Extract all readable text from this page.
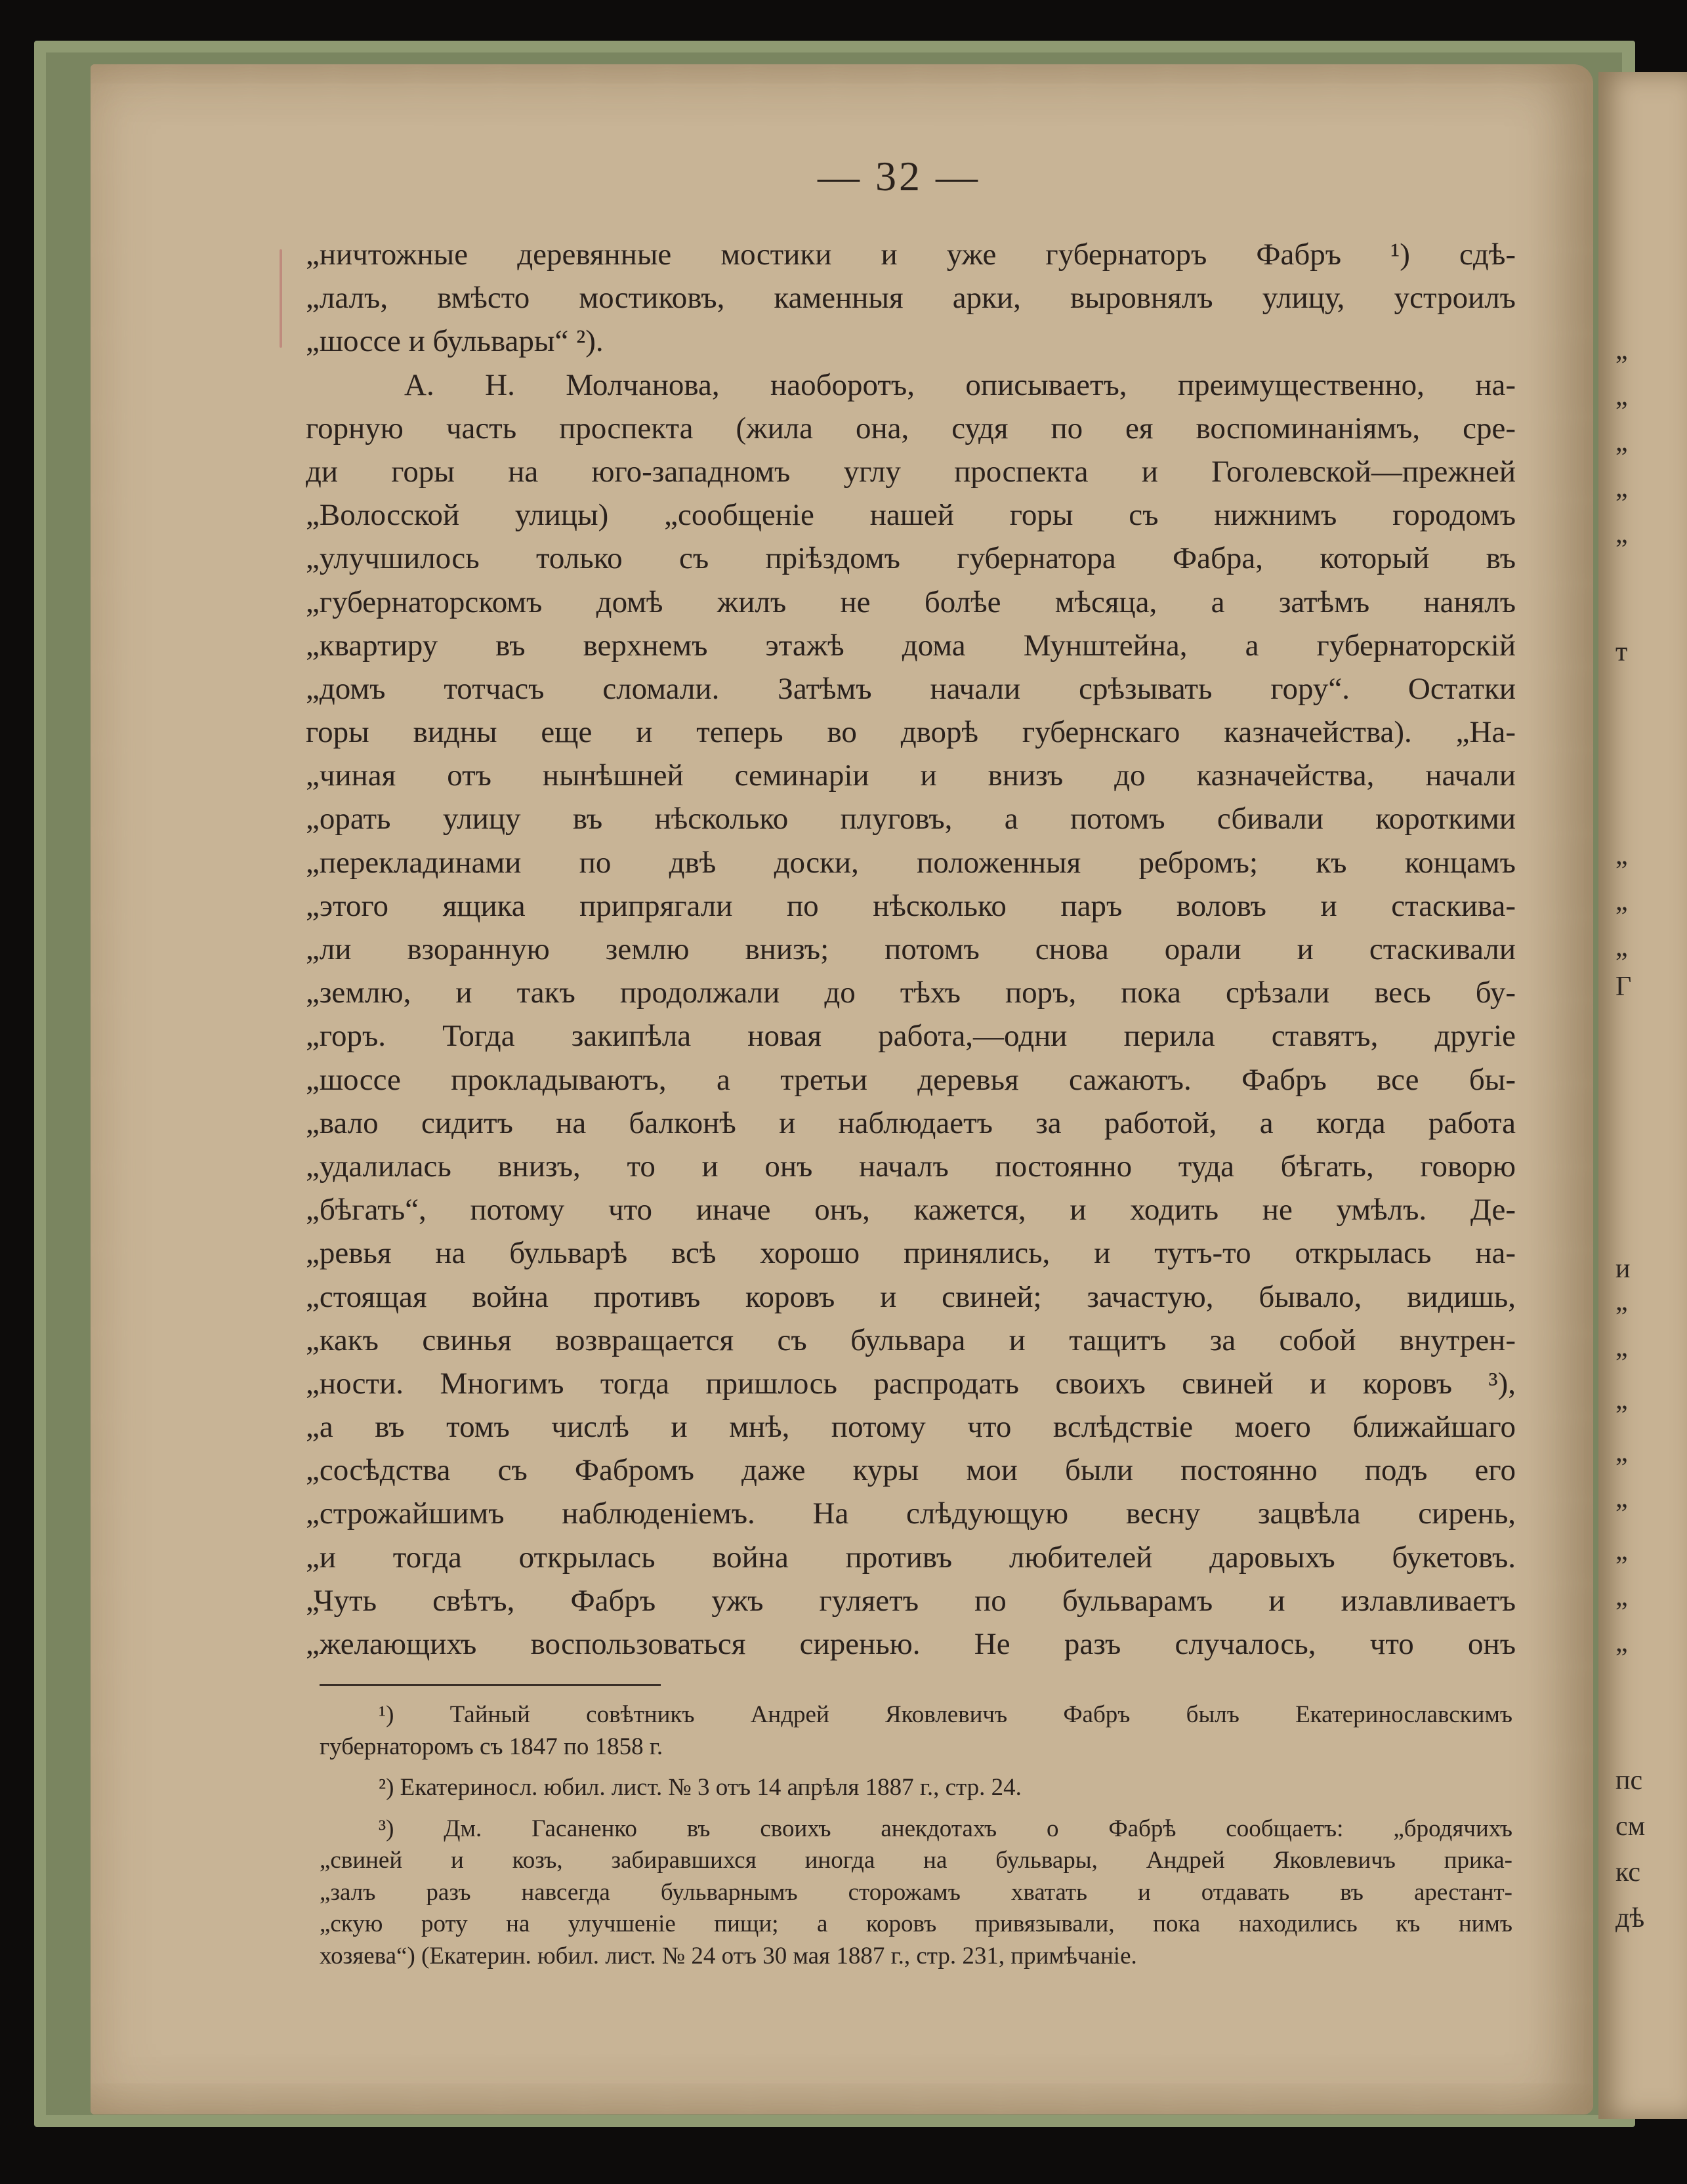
„
„
„
„
„
т
„
„
„
Г
и
„
„
„
„
„
„
„
„
пс
см
кс
дѣ
— 32 —
„ничтожные деревянные мостики и уже губернаторъ Фабръ ¹) сдѣ-
„лалъ, вмѣсто мостиковъ, каменныя арки, выровнялъ улицу, устроилъ
„шоссе и бульвары“ ²).
А. Н. Молчанова, наоборотъ, описываетъ, преимущественно, на-
горную часть проспекта (жила она, судя по ея воспоминаніямъ, сре-
ди горы на юго-западномъ углу проспекта и Гоголевской—прежней
„Волосской улицы) „сообщеніе нашей горы съ нижнимъ городомъ
„улучшилось только съ пріѣздомъ губернатора Фабра, который въ
„губернаторскомъ домѣ жилъ не болѣе мѣсяца, а затѣмъ нанялъ
„квартиру въ верхнемъ этажѣ дома Мунштейна, а губернаторскій
„домъ тотчасъ сломали. Затѣмъ начали срѣзывать гору“. Остатки
горы видны еще и теперь во дворѣ губернскаго казначейства). „На-
„чиная отъ нынѣшней семинаріи и внизъ до казначейства, начали
„орать улицу въ нѣсколько плуговъ, а потомъ сбивали короткими
„перекладинами по двѣ доски, положенныя ребромъ; къ концамъ
„этого ящика припрягали по нѣсколько паръ воловъ и стаскива-
„ли взоранную землю внизъ; потомъ снова орали и стаскивали
„землю, и такъ продолжали до тѣхъ поръ, пока срѣзали весь бу-
„горъ. Тогда закипѣла новая работа,—одни перила ставятъ, другіе
„шоссе прокладываютъ, а третьи деревья сажаютъ. Фабръ все бы-
„вало сидитъ на балконѣ и наблюдаетъ за работой, а когда работа
„удалилась внизъ, то и онъ началъ постоянно туда бѣгать, говорю
„бѣгать“, потому что иначе онъ, кажется, и ходить не умѣлъ. Де-
„ревья на бульварѣ всѣ хорошо принялись, и тутъ-то открылась на-
„стоящая война противъ коровъ и свиней; зачастую, бывало, видишь,
„какъ свинья возвращается съ бульвара и тащитъ за собой внутрен-
„ности. Многимъ тогда пришлось распродать своихъ свиней и коровъ ³),
„а въ томъ числѣ и мнѣ, потому что вслѣдствіе моего ближайшаго
„сосѣдства съ Фабромъ даже куры мои были постоянно подъ его
„строжайшимъ наблюденіемъ. На слѣдующую весну зацвѣла сирень,
„и тогда открылась война противъ любителей даровыхъ букетовъ.
„Чуть свѣтъ, Фабръ ужъ гуляетъ по бульварамъ и излавливаетъ
„желающихъ воспользоваться сиренью. Не разъ случалось, что онъ
¹) Тайный совѣтникъ Андрей Яковлевичъ Фабръ былъ Екатеринославскимъ
губернаторомъ съ 1847 по 1858 г.
²) Екатериносл. юбил. лист. № 3 отъ 14 апрѣля 1887 г., стр. 24.
³) Дм. Гасаненко въ своихъ анекдотахъ о Фабрѣ сообщаетъ: „бродячихъ
„свиней и козъ, забиравшихся иногда на бульвары, Андрей Яковлевичъ прика-
„залъ разъ навсегда бульварнымъ сторожамъ хватать и отдавать въ арестант-
„скую роту на улучшеніе пищи; а коровъ привязывали, пока находились къ нимъ
хозяева“) (Екатерин. юбил. лист. № 24 отъ 30 мая 1887 г., стр. 231, примѣчаніе.
